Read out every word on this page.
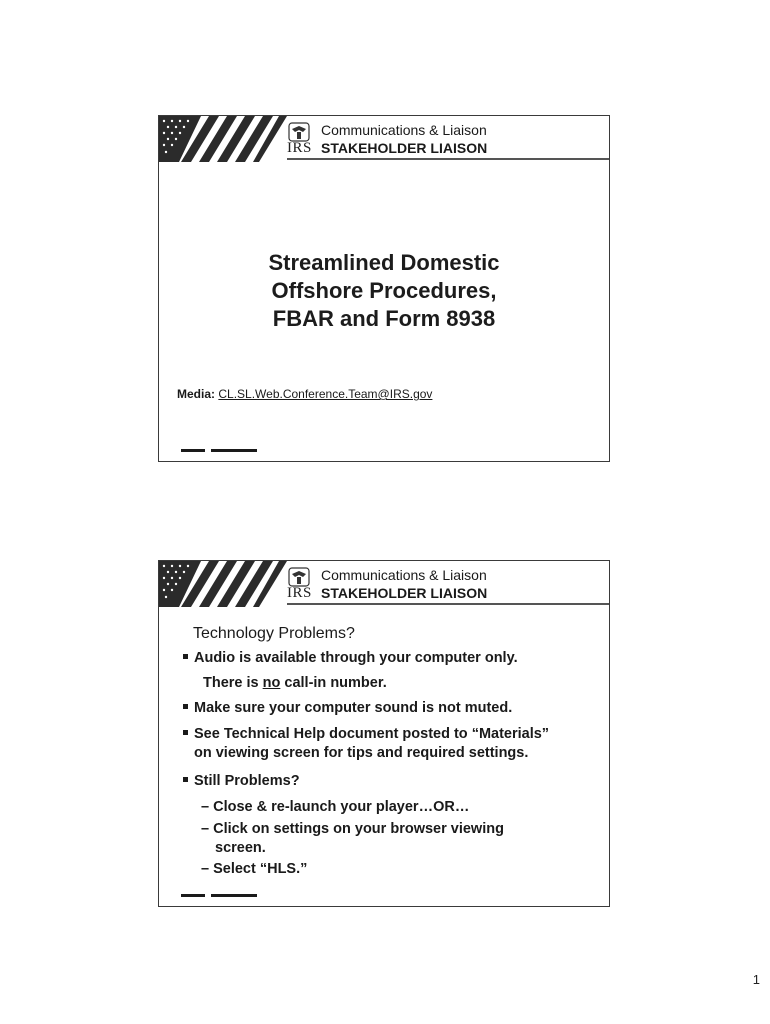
IRS
Communications & Liaison
STAKEHOLDER LIAISON
Streamlined Domestic
Offshore Procedures,
FBAR and Form 8938
Media: CL.SL.Web.Conference.Team@IRS.gov
IRS
Communications & Liaison
STAKEHOLDER LIAISON
Technology Problems?
Audio is available through your computer only.
There is no call-in number.
Make sure your computer sound is not muted.
See Technical Help document posted to “Materials”
on viewing screen for tips and required settings.
Still Problems?
– Close & re-launch your player…OR…
– Click on settings on your browser viewing
screen.
– Select “HLS.”
1
